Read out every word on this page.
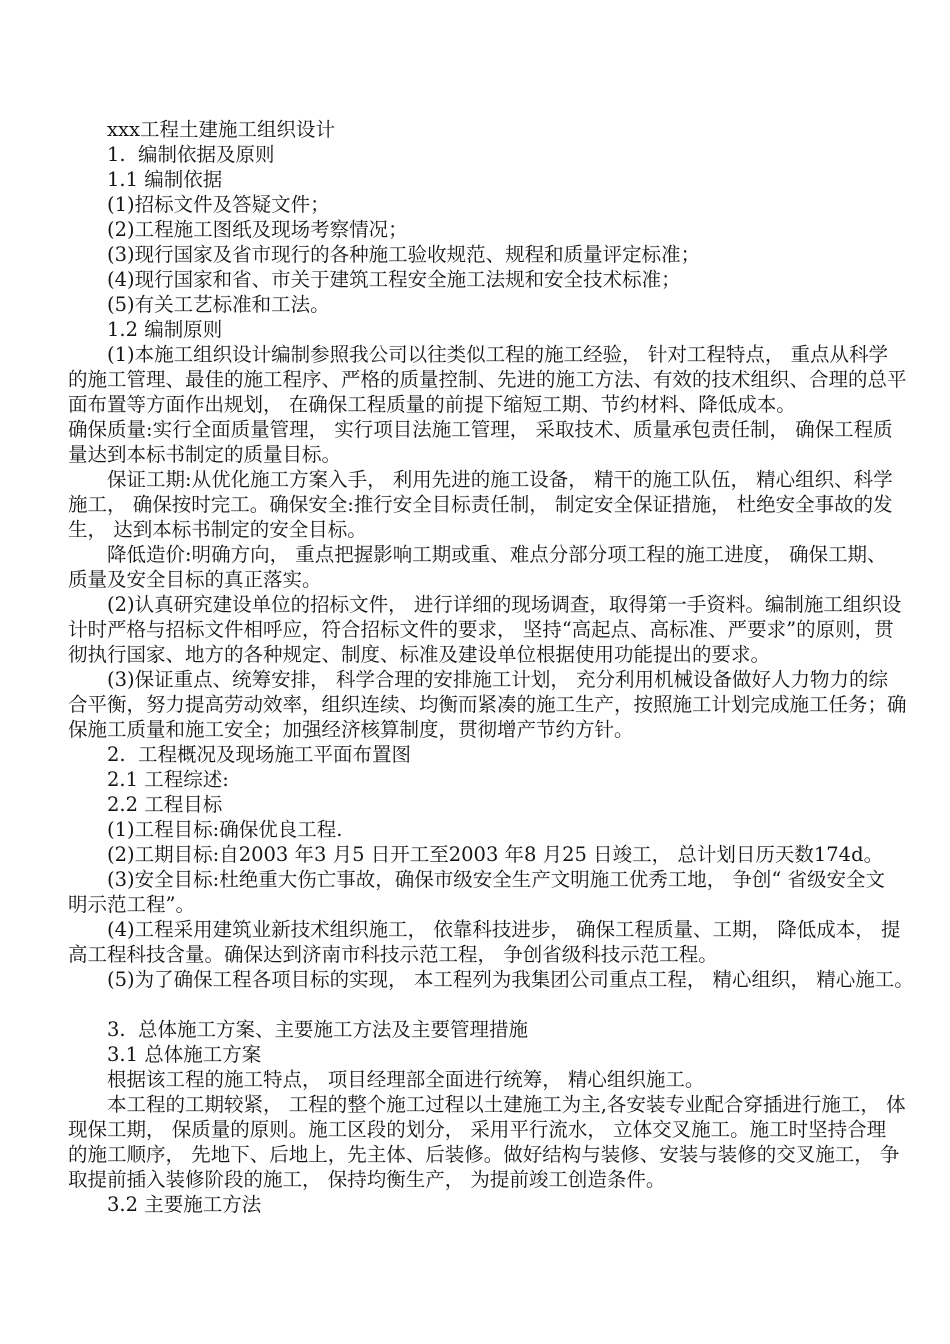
xxx工程土建施工组织设计
1.  编制依据及原则
1.1 编制依据
(1)招标文件及答疑文件；
(2)工程施工图纸及现场考察情况；
(3)现行国家及省市现行的各种施工验收规范、规程和质量评定标准；
(4)现行国家和省、市关于建筑工程安全施工法规和安全技术标准；
(5)有关工艺标准和工法。
1.2 编制原则
(1)本施工组织设计编制参照我公司以往类似工程的施工经验， 针对工程特点， 重点从科学
的施工管理、最佳的施工程序、严格的质量控制、先进的施工方法、有效的技术组织、合理的总平
面布置等方面作出规划， 在确保工程质量的前提下缩短工期、节约材料、降低成本。
确保质量:实行全面质量管理， 实行项目法施工管理， 采取技术、质量承包责任制， 确保工程质
量达到本标书制定的质量目标。
保证工期:从优化施工方案入手， 利用先进的施工设备， 精干的施工队伍， 精心组织、科学
施工， 确保按时完工。确保安全:推行安全目标责任制， 制定安全保证措施， 杜绝安全事故的发
生， 达到本标书制定的安全目标。
降低造价:明确方向， 重点把握影响工期或重、难点分部分项工程的施工进度， 确保工期、
质量及安全目标的真正落实。
(2)认真研究建设单位的招标文件， 进行详细的现场调查，取得第一手资料。编制施工组织设
计时严格与招标文件相呼应，符合招标文件的要求， 坚持“高起点、高标准、严要求”的原则，贯
彻执行国家、地方的各种规定、制度、标准及建设单位根据使用功能提出的要求。
(3)保证重点、统筹安排， 科学合理的安排施工计划， 充分利用机械设备做好人力物力的综
合平衡，努力提高劳动效率，组织连续、均衡而紧凑的施工生产，按照施工计划完成施工任务；确
保施工质量和施工安全；加强经济核算制度，贯彻增产节约方针。
2.  工程概况及现场施工平面布置图
2.1 工程综述:
2.2 工程目标
(1)工程目标:确保优良工程.
(2)工期目标:自2003 年3 月5 日开工至2003 年8 月25 日竣工， 总计划日历天数174d。
(3)安全目标:杜绝重大伤亡事故，确保市级安全生产文明施工优秀工地， 争创“ 省级安全文
明示范工程”。
(4)工程采用建筑业新技术组织施工， 依靠科技进步， 确保工程质量、工期， 降低成本， 提
高工程科技含量。确保达到济南市科技示范工程， 争创省级科技示范工程。
(5)为了确保工程各项目标的实现， 本工程列为我集团公司重点工程， 精心组织， 精心施工。
3.  总体施工方案、主要施工方法及主要管理措施
3.1 总体施工方案
根据该工程的施工特点， 项目经理部全面进行统筹， 精心组织施工。
本工程的工期较紧， 工程的整个施工过程以土建施工为主,各安装专业配合穿插进行施工， 体
现保工期， 保质量的原则。施工区段的划分， 采用平行流水， 立体交叉施工。施工时坚持合理
的施工顺序， 先地下、后地上，先主体、后装修。做好结构与装修、安装与装修的交叉施工， 争
取提前插入装修阶段的施工， 保持均衡生产， 为提前竣工创造条件。
3.2 主要施工方法
